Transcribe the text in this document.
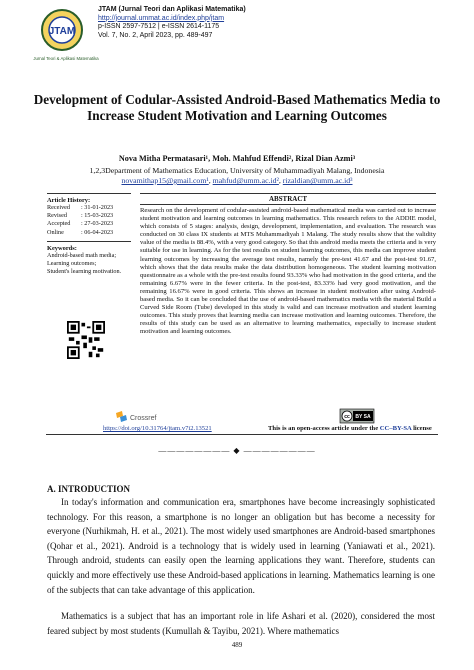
JTAM
Jurnal Teori & Aplikasi Matematika
JTAM (Jurnal Teori dan Aplikasi Matematika)
http://journal.ummat.ac.id/index.php/jtam
p-ISSN 2597-7512 | e-ISSN 2614-1175
Vol. 7, No. 2, April 2023, pp. 489-497
Development of Codular-Assisted Android-Based Mathematics Media to Increase Student Motivation and Learning Outcomes
Nova Mitha Permatasari¹, Moh. Mahfud Effendi², Rizal Dian Azmi³
1,2,3Department of Mathematics Education, University of Muhammadiyah Malang, Indonesia
novamithap15@gmail.com¹, mahfud@umm.ac.id², rizaldian@umm.ac.id³
Article History:
Received	: 31-01-2023
Revised	: 15-03-2023
Accepted	: 27-03-2023
Online	: 06-04-2023
Keywords:
Android-based math media;
Learning outcomes;
Student's learning motivation.
ABSTRACT
Research on the development of codular-assisted android-based mathematical media was carried out to increase student motivation and learning outcomes in learning mathematics. This research refers to the ADDIE model, which consists of 5 stages: analysis, design, development, implementation, and evaluation. The research was conducted on 30 class IX students at MTS Muhammadiyah 1 Malang. The study results show that the validity value of the media is 88.4%, with a very good category. So that this android media meets the criteria and is very suitable for use in learning. As for the test results on student learning outcomes, this media can improve student learning outcomes by increasing the average test results, namely the pre-test 41.67 and the post-test 91.67, which shows that the data results make the data distribution homogeneous. The student learning motivation questionnaire as a whole with the pre-test results found 93.33% who had motivation in the good criteria, and the remaining 6.67% were in the fewer criteria. In the post-test, 83.33% had very good motivation, and the remaining 16.67% were in good criteria. This shows an increase in student motivation after using Android-based media. So it can be concluded that the use of android-based mathematics media with the material Build a Curved Side Room (Tube) developed in this study is valid and can increase motivation and student learning outcomes. This study proves that learning media can increase motivation and learning outcomes. Therefore, the results of this study can be used as an alternative to learning mathematics, especially to increase student motivation and learning outcomes.
Crossref	cc BY SA
https://doi.org/10.31764/jtam.v7i2.13521	This is an open-access article under the CC–BY-SA license
———————— ◆ ————————
A. INTRODUCTION
In today's information and communication era, smartphones have become increasingly sophisticated technology. For this reason, a smartphone is no longer an obligation but has become a necessity for everyone (Nurhikmah, H. et al., 2021). The most widely used smartphones are Android-based smartphones (Qohar et al., 2021). Android is a technology that is widely used in learning (Yaniawati et al., 2021). Through android, students can easily open the learning applications they want. Therefore, students can quickly and more effectively use these Android-based applications in learning. Mathematics learning is one of the subjects that can take advantage of this application.
Mathematics is a subject that has an important role in life Ashari et al. (2020), considered the most feared subject by most students (Kumullah & Tayibu, 2021). Where mathematics
489
